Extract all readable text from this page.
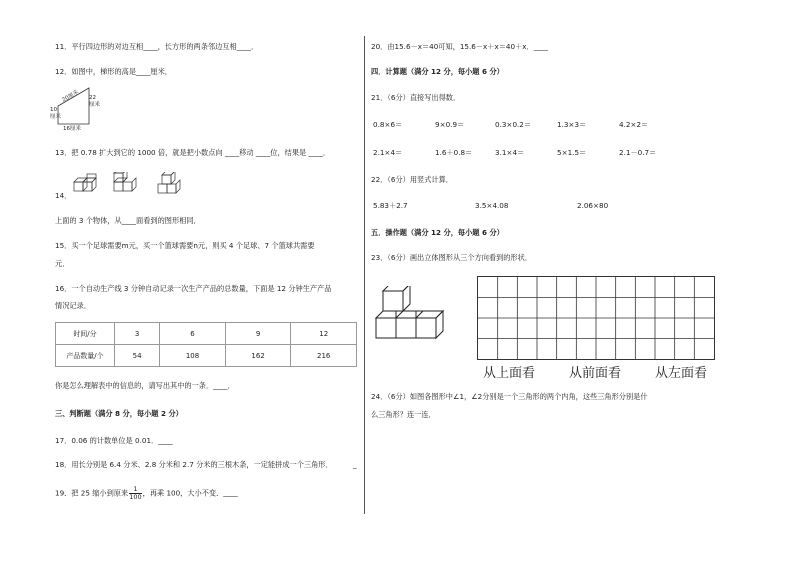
11．平行四边形的对边互相____，长方形的两条邻边互相____．
12．如图中，梯形的高是____厘米．
20厘米 22
厘米
10
厘米
16厘米
13．把 0.78 扩大到它的 1000 倍，就是把小数点向 ____移动 ____位，结果是 ____．
14．
上面的 3 个物体，从____面看到的图形相同．
15．买一个足球需要m元，买一个篮球需要n元，则买 4 个足球、7 个篮球共需要
元．
16．一个自动生产线 3 分钟自动记录一次生产产品的总数量，下面是 12 分钟生产产品
情况记录．
时间/分	3	6	9	12
产品数量/个	54	108	162	216
你是怎么理解表中的信息的，请写出其中的一条．____．
三、判断题（满分 8 分，每小题 2 分）
17．0.06 的计数单位是 0.01．____
18．用长分别是 6.4 分米、2.8 分米和 2.7 分米的三根木条，一定能拼成一个三角形．	_
19．把 25 缩小到原来 $\frac{1}{100}$ ，再乘 100，大小不变．____
20．由15.6－x＝40可知，15.6－x＋x＝40＋x．____
四．计算题（满分 12 分，每小题 6 分）
21．（6分）直接写出得数．
0.8×6＝	9×0.9＝	0.3×0.2＝	1.3×3＝	4.2×2＝
2.1×4＝	1.6＋0.8＝	3.1×4＝	5×1.5＝	2.1－0.7＝
22．（6分）用竖式计算．
5.83＋2.7	3.5×4.08	2.06×80
五．操作题（满分 12 分，每小题 6 分）
23．（6分）画出立体图形从三个方向看到的形状．
从上面看	从前面看	从左面看
24．（6分）如图各图形中∠1，∠2分别是一个三角形的两个内角，这些三角形分别是什
么三角形？连一连．
